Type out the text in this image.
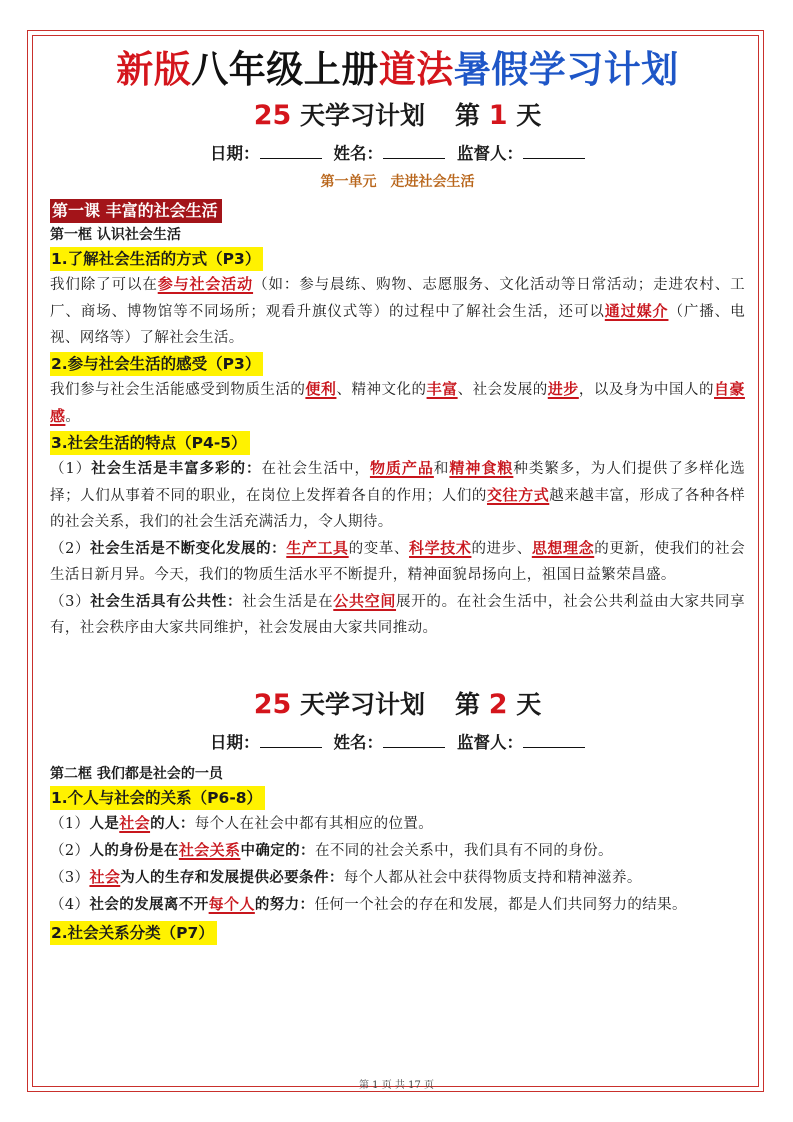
新版八年级上册道法暑假学习计划
25 天学习计划 第 1 天
日期：	姓名：	监督人：
第一单元　走进社会生活
第一课 丰富的社会生活
第一框 认识社会生活
1.了解社会生活的方式（P3）

我们除了可以在参与社会活动（如：参与晨练、购物、志愿服务、文化活动等日常活动；走进农村、工厂、商场、博物馆等不同场所；观看升旗仪式等）的过程中了解社会生活，还可以通过媒介（广播、电视、网络等）了解社会生活。

2.参与社会生活的感受（P3）

我们参与社会生活能感受到物质生活的便利、精神文化的丰富、社会发展的进步，以及身为中国人的自豪感。

3.社会生活的特点（P4-5）

（1）社会生活是丰富多彩的：在社会生活中，物质产品和精神食粮种类繁多，为人们提供了多样化选择；人们从事着不同的职业，在岗位上发挥着各自的作用；人们的交往方式越来越丰富，形成了各种各样的社会关系，我们的社会生活充满活力，令人期待。

（2）社会生活是不断变化发展的：生产工具的变革、科学技术的进步、思想理念的更新，使我们的社会生活日新月异。今天，我们的物质生活水平不断提升，精神面貌昂扬向上，祖国日益繁荣昌盛。

（3）社会生活具有公共性：社会生活是在公共空间展开的。在社会生活中，社会公共利益由大家共同享有，社会秩序由大家共同维护，社会发展由大家共同推动。

25 天学习计划 第 2 天
日期：	姓名：	监督人：
第二框 我们都是社会的一员
1.个人与社会的关系（P6-8）

（1）人是社会的人：每个人在社会中都有其相应的位置。

（2）人的身份是在社会关系中确定的：在不同的社会关系中，我们具有不同的身份。

（3）社会为人的生存和发展提供必要条件：每个人都从社会中获得物质支持和精神滋养。

（4）社会的发展离不开每个人的努力：任何一个社会的存在和发展，都是人们共同努力的结果。

2.社会关系分类（P7）
第 1 页 共 17 页
